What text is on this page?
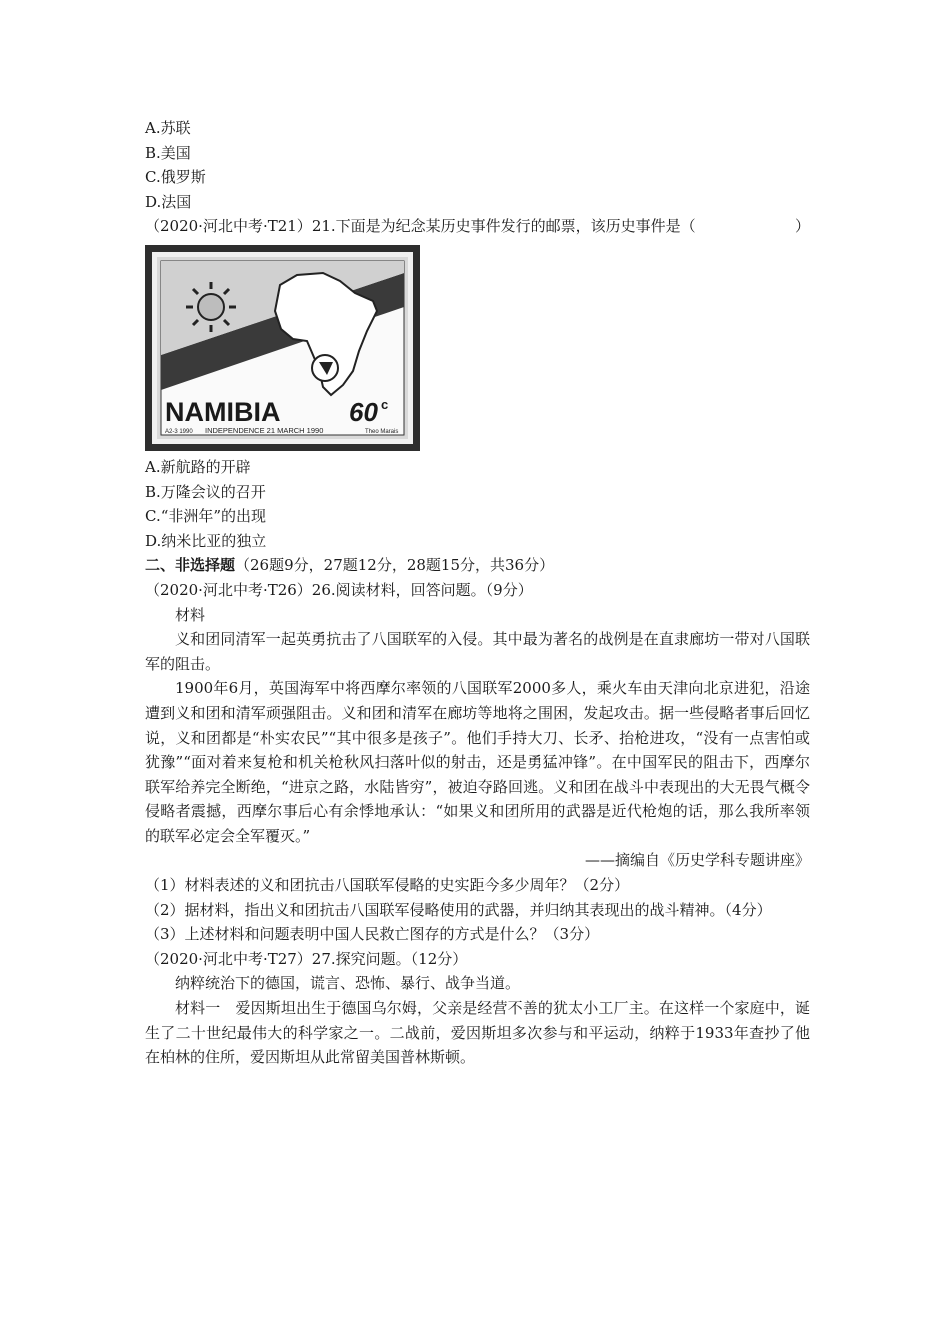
A.苏联
B.美国
C.俄罗斯
D.法国
（2020·河北中考·T21）21.下面是为纪念某历史事件发行的邮票，该历史事件是（	）
NAMIBIA	60 c
A2-3 1990 INDEPENDENCE 21 MARCH 1990	Theo Marais
A.新航路的开辟
B.万隆会议的召开
C.“非洲年”的出现
D.纳米比亚的独立
二、非选择题（26题9分，27题12分，28题15分，共36分）
（2020·河北中考·T26）26.阅读材料，回答问题。（9分）
材料
义和团同清军一起英勇抗击了八国联军的入侵。其中最为著名的战例是在直隶廊坊一带对八国联军的阻击。
1900年6月，英国海军中将西摩尔率领的八国联军2000多人，乘火车由天津向北京进犯，沿途遭到义和团和清军顽强阻击。义和团和清军在廊坊等地将之围困，发起攻击。据一些侵略者事后回忆说，义和团都是“朴实农民”“其中很多是孩子”。他们手持大刀、长矛、抬枪进攻，“没有一点害怕或犹豫”“面对着来复枪和机关枪秋风扫落叶似的射击，还是勇猛冲锋”。在中国军民的阻击下，西摩尔联军给养完全断绝，“进京之路，水陆皆穷”，被迫夺路回逃。义和团在战斗中表现出的大无畏气概令侵略者震撼，西摩尔事后心有余悸地承认：“如果义和团所用的武器是近代枪炮的话，那么我所率领的联军必定会全军覆灭。”
——摘编自《历史学科专题讲座》
（1）材料表述的义和团抗击八国联军侵略的史实距今多少周年？（2分）
（2）据材料，指出义和团抗击八国联军侵略使用的武器，并归纳其表现出的战斗精神。（4分）
（3）上述材料和问题表明中国人民救亡图存的方式是什么？（3分）
（2020·河北中考·T27）27.探究问题。（12分）
纳粹统治下的德国，谎言、恐怖、暴行、战争当道。
材料一　爱因斯坦出生于德国乌尔姆，父亲是经营不善的犹太小工厂主。在这样一个家庭中，诞生了二十世纪最伟大的科学家之一。二战前，爱因斯坦多次参与和平运动，纳粹于1933年查抄了他在柏林的住所，爱因斯坦从此常留美国普林斯顿。
